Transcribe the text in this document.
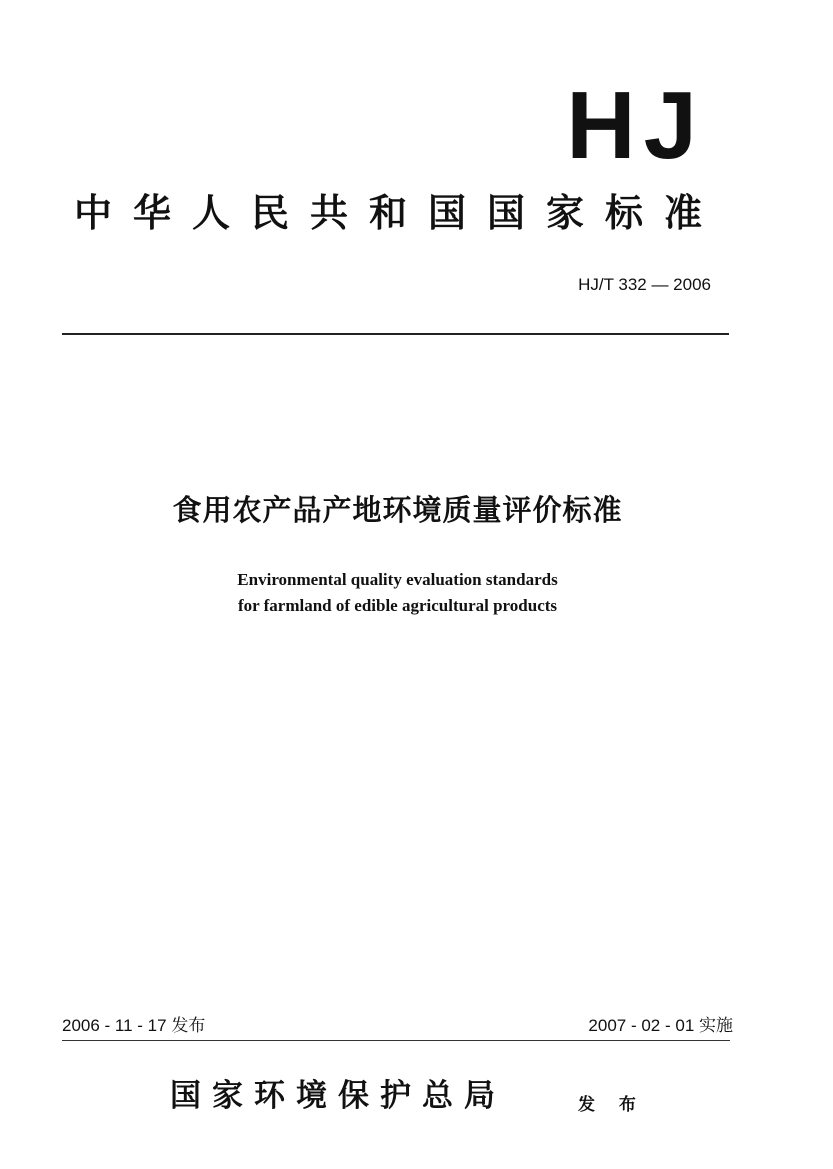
HJ
中华人民共和国国家标准
HJ/T 332 — 2006
食用农产品产地环境质量评价标准
Environmental quality evaluation standards
for farmland of edible agricultural products
2006 - 11 - 17 发布	2007 - 02 - 01 实施
国家环境保护总局	发 布
